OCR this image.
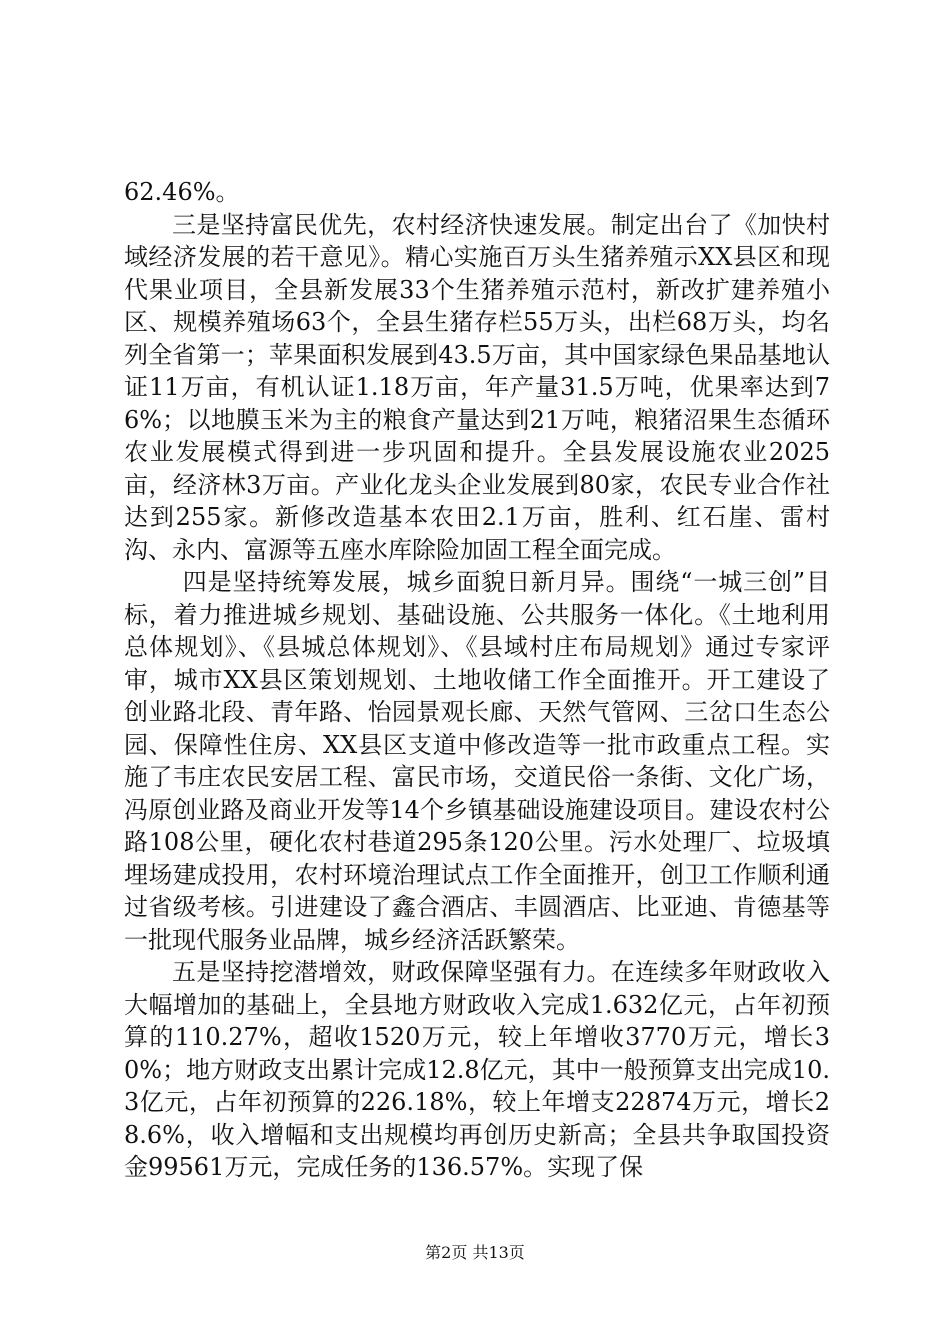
62.46%。

三是坚持富民优先，农村经济快速发展。制定出台了《加快村域经济发展的若干意见》。精心实施百万头生猪养殖示XX县区和现代果业项目，全县新发展33个生猪养殖示范村，新改扩建养殖小区、规模养殖场63个，全县生猪存栏55万头，出栏68万头，均名列全省第一；苹果面积发展到43.5万亩，其中国家绿色果品基地认证11万亩，有机认证1.18万亩，年产量31.5万吨，优果率达到76%；以地膜玉米为主的粮食产量达到21万吨，粮猪沼果生态循环农业发展模式得到进一步巩固和提升。全县发展设施农业2025亩，经济林3万亩。产业化龙头企业发展到80家，农民专业合作社达到255家。新修改造基本农田2.1万亩，胜利、红石崖、雷村沟、永内、富源等五座水库除险加固工程全面完成。

四是坚持统筹发展，城乡面貌日新月异。围绕“一城三创”目标，着力推进城乡规划、基础设施、公共服务一体化。《土地利用总体规划》、《县城总体规划》、《县域村庄布局规划》通过专家评审，城市XX县区策划规划、土地收储工作全面推开。开工建设了创业路北段、青年路、怡园景观长廊、天然气管网、三岔口生态公园、保障性住房、XX县区支道中修改造等一批市政重点工程。实施了韦庄农民安居工程、富民市场，交道民俗一条街、文化广场，冯原创业路及商业开发等14个乡镇基础设施建设项目。建设农村公路108公里，硬化农村巷道295条120公里。污水处理厂、垃圾填埋场建成投用，农村环境治理试点工作全面推开，创卫工作顺利通过省级考核。引进建设了鑫合酒店、丰圆酒店、比亚迪、肯德基等一批现代服务业品牌，城乡经济活跃繁荣。

五是坚持挖潜增效，财政保障坚强有力。在连续多年财政收入大幅增加的基础上，全县地方财政收入完成1.632亿元，占年初预算的110.27%，超收1520万元，较上年增收3770万元，增长30%；地方财政支出累计完成12.8亿元，其中一般预算支出完成10.3亿元，占年初预算的226.18%，较上年增支22874万元，增长28.6%，收入增幅和支出规模均再创历史新高；全县共争取国投资金99561万元，完成任务的136.57%。实现了保

第2页 共13页
